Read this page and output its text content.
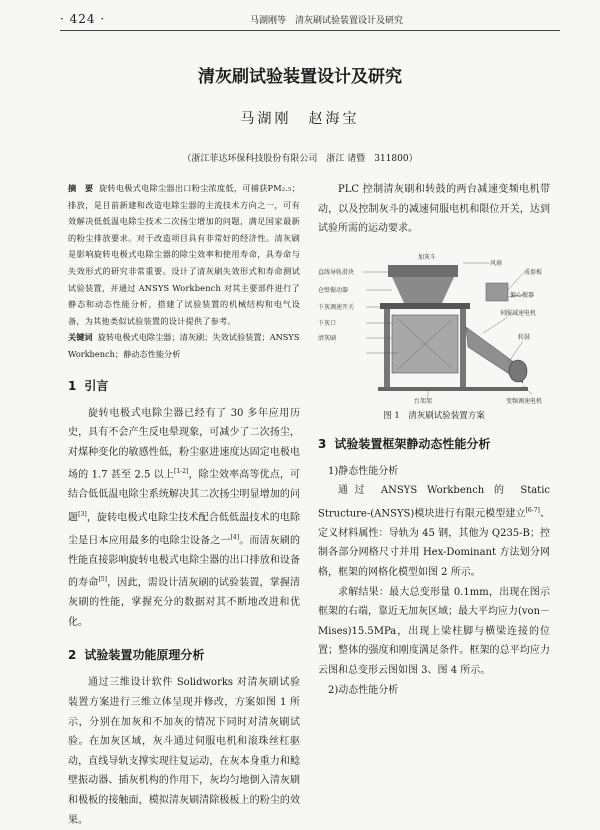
· 424 ·	马湖刚等　清灰刷试验装置设计及研究
清灰刷试验装置设计及研究
马湖刚　赵海宝
（浙江菲达环保科技股份有限公司　浙江 诸暨　311800）
摘　要 旋转电极式电除尘器出口粉尘浓度低，可捕获PM₂.₅；排放，是目前新建和改造电除尘器的主流技术方向之一，可有效解决低低温电除尘技术二次扬尘增加的问题，满足国家最新的粉尘排放要求。对于改造项目具有非常好的经济性。清灰刷是影响旋转电极式电除尘器的除尘效率和使用寿命，具寿命与失效形式的研究非常重要。设计了清灰刷失效形式和寿命测试试验装置，并通过 ANSYS Workbench 对其主要部件进行了静态和动态性能分析，搭建了试验装置的机械结构和电气设备，为其他类似试验装置的设计提供了参考。
关键词 旋转电极式电除尘器；清灰刷；失效试验装置；ANSYS Workbench；静动态性能分析
1 引言
旋转电极式电除尘器已经有了 30 多年应用历史，具有不会产生反电晕现象，可减少了二次扬尘，对煤种变化的敏感性低，粉尘驱进速度达固定电极电场的 1.7 甚至 2.5 以上[1-2]，除尘效率高等优点，可结合低低温电除尘系统解决其二次扬尘明显增加的问题[3]，旋转电极式电除尘技术配合低低温技术的电除尘是日本应用最多的电除尘设备之一[4]。而清灰刷的性能直接影响旋转电极式电除尘器的出口排放和设备的寿命[5]，因此，需设计清灰刷的试验装置，掌握清灰刷的性能，掌握充分的数据对其不断地改进和优化。
2 试验装置功能原理分析
通过三维设计软件 Solidworks 对清灰刷试验装置方案进行三维立体呈现并修改，方案如图 1 所示，分别在加灰和不加灰的情况下同时对清灰刷试验。在加灰区域，灰斗通过伺服电机和滚珠丝杠驱动，直线导轨支撑实现往复运动，在灰本身重力和鲶壁振动器、插灰机构的作用下，灰均匀地倒入清灰刷和极板的接触面，模拟清灰刷清除极板上的粉尘的效果。
PLC 控制清灰刷和转鼓的两台减速变频电机带动，以及控制灰斗的减速伺服电机和限位开关，达到试验所需的运动要求。
加灰斗
风扇
直线导轨滑块	成套板
仓壁振动器
偏心振器
下灰调速开关
伺服减速电机
下灰口
清灰刷	转鼓
台架架	变频调速电机
图 1　清灰刷试验装置方案
3 试验装置框架静动态性能分析
1)静态性能分析
通过 ANSYS Workbench 的 Static Structure-(ANSYS)模块进行有限元模型建立[6-7]、定义材料属性：导轨为 45 钢，其他为 Q235-B；控制各部分网格尺寸并用 Hex-Dominant 方法划分网格，框架的网格化模型如图 2 所示。
求解结果：最大总变形量 0.1mm，出现在图示框架的右端，靠近无加灰区域；最大平均应力(von－Mises)15.5MPa，出现上梁柱脚与横梁连接的位置；整体的强度和刚度满足条件。框架的总平均应力云图和总变形云图如图 3、图 4 所示。
2)动态性能分析
